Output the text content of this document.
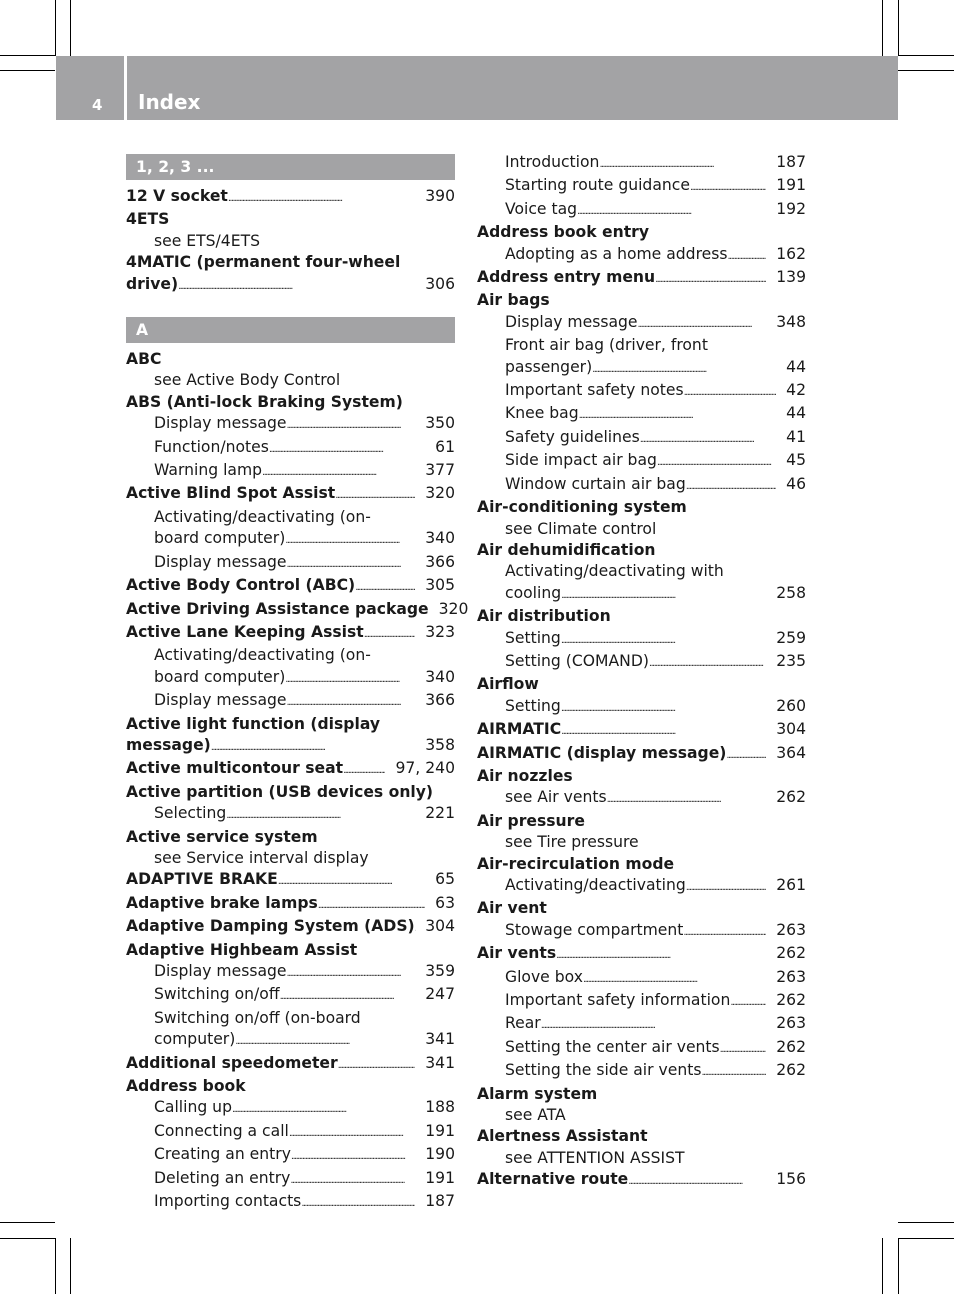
4 Index
1, 2, 3 ...
12 V socket . . .	390
4ETS
see ETS/4ETS
4MATIC (permanent four-wheel
drive) . . .	306
A
ABC
see Active Body Control
ABS (Anti-lock Braking System)
Display message . . .	350
Function/notes . . .	61
Warning lamp . . .	377
Active Blind Spot Assist . . .	320
Activating/deactivating (on-
board computer) . . .	340
Display message . . .	366
Active Body Control (ABC) . . .	305
Active Driving Assistance package 320
Active Lane Keeping Assist . . .	323
Activating/deactivating (on-
board computer) . . .	340
Display message . . .	366
Active light function (display
message) . . .	358
Active multicontour seat . . .	97, 240
Active partition (USB devices only)
Selecting . . .	221
Active service system
see Service interval display
ADAPTIVE BRAKE . . .	65
Adaptive brake lamps . . .	63
Adaptive Damping System (ADS) . . . 304
Adaptive Highbeam Assist
Display message . . .	359
Switching on/off . . .	247
Switching on/off (on-board
computer) . . .	341
Additional speedometer . . .	341
Address book
Calling up . . .	188
Connecting a call . . .	191
Creating an entry . . .	190
Deleting an entry . . .	191
Importing contacts . . .	187
Introduction . . .	187
Starting route guidance . . .	191
Voice tag . . .	192
Address book entry
Adopting as a home address . . .	162
Address entry menu . . .	139
Air bags
Display message . . .	348
Front air bag (driver, front
passenger) . . .	44
Important safety notes . . .	42
Knee bag . . .	44
Safety guidelines . . .	41
Side impact air bag . . .	45
Window curtain air bag . . .	46
Air-conditioning system
see Climate control
Air dehumidification
Activating/deactivating with
cooling . . .	258
Air distribution
Setting . . .	259
Setting (COMAND) . . .	235
Airflow
Setting . . .	260
AIRMATIC . . .	304
AIRMATIC (display message) . . .	364
Air nozzles
see Air vents . . .	262
Air pressure
see Tire pressure
Air-recirculation mode
Activating/deactivating . . .	261
Air vent
Stowage compartment . . .	263
Air vents . . .	262
Glove box . . .	263
Important safety information . . .	262
Rear . . .	263
Setting the center air vents . . .	262
Setting the side air vents . . .	262
Alarm system
see ATA
Alertness Assistant
see ATTENTION ASSIST
Alternative route . . .	156
